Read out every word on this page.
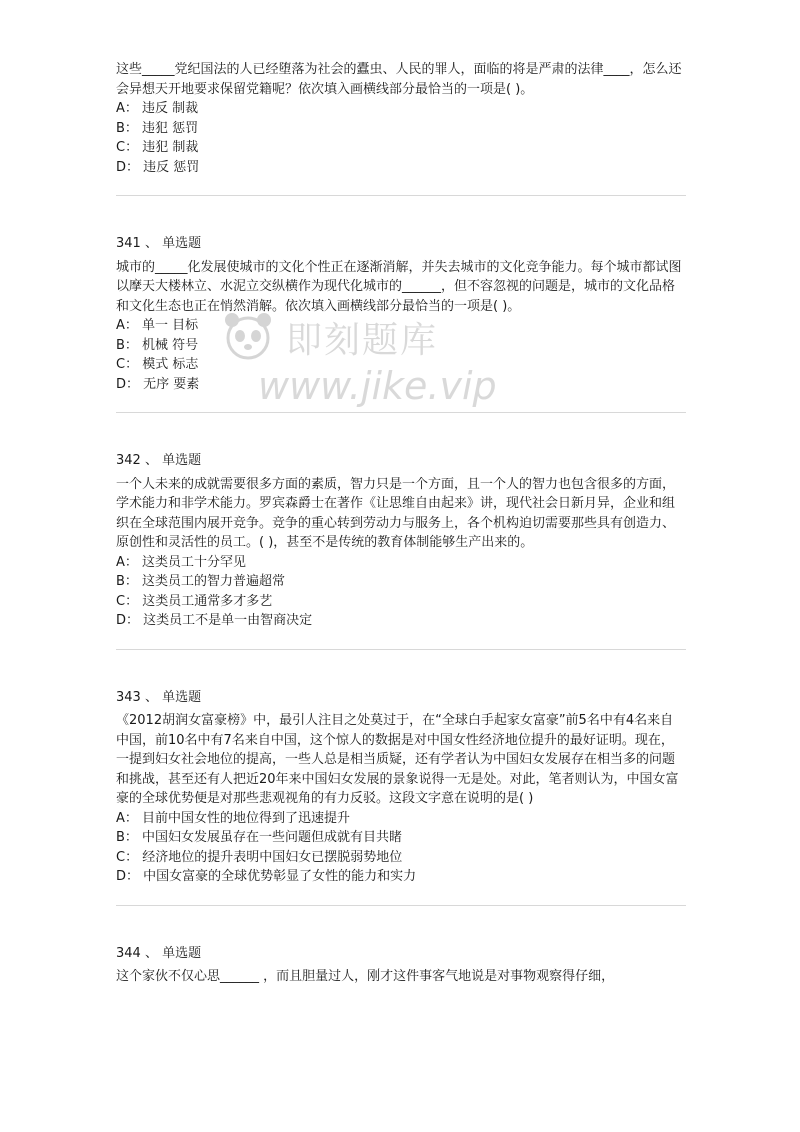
这些_____党纪国法的人已经堕落为社会的蠹虫、人民的罪人，面临的将是严肃的法律____，怎么还会异想天开地要求保留党籍呢？依次填入画横线部分最恰当的一项是( )。

A： 违反 制裁

B： 违犯 惩罚

C： 违犯 制裁

D： 违反 惩罚

341 、 单选题

城市的_____化发展使城市的文化个性正在逐渐消解，并失去城市的文化竞争能力。每个城市都试图以摩天大楼林立、水泥立交纵横作为现代化城市的______，但不容忽视的问题是，城市的文化品格和文化生态也正在悄然消解。依次填入画横线部分最恰当的一项是( )。

A： 单一 目标

B： 机械 符号

C： 模式 标志

D： 无序 要素

342 、 单选题

一个人未来的成就需要很多方面的素质，智力只是一个方面，且一个人的智力也包含很多的方面，学术能力和非学术能力。罗宾森爵士在著作《让思维自由起来》讲，现代社会日新月异，企业和组织在全球范围内展开竞争。竞争的重心转到劳动力与服务上，各个机构迫切需要那些具有创造力、原创性和灵活性的员工。( )，甚至不是传统的教育体制能够生产出来的。

A： 这类员工十分罕见

B： 这类员工的智力普遍超常

C： 这类员工通常多才多艺

D： 这类员工不是单一由智商决定

343 、 单选题

《2012胡润女富豪榜》中，最引人注目之处莫过于，在“全球白手起家女富豪”前5名中有4名来自中国，前10名中有7名来自中国，这个惊人的数据是对中国女性经济地位提升的最好证明。现在，一提到妇女社会地位的提高，一些人总是相当质疑，还有学者认为中国妇女发展存在相当多的问题和挑战，甚至还有人把近20年来中国妇女发展的景象说得一无是处。对此，笔者则认为，中国女富豪的全球优势便是对那些悲观视角的有力反驳。这段文字意在说明的是( )

A： 目前中国女性的地位得到了迅速提升

B： 中国妇女发展虽存在一些问题但成就有目共睹

C： 经济地位的提升表明中国妇女已摆脱弱势地位

D： 中国女富豪的全球优势彰显了女性的能力和实力

344 、 单选题

这个家伙不仅心思______ ，而且胆量过人，刚才这件事客气地说是对事物观察得仔细，

即刻题库
www.jike.vip
